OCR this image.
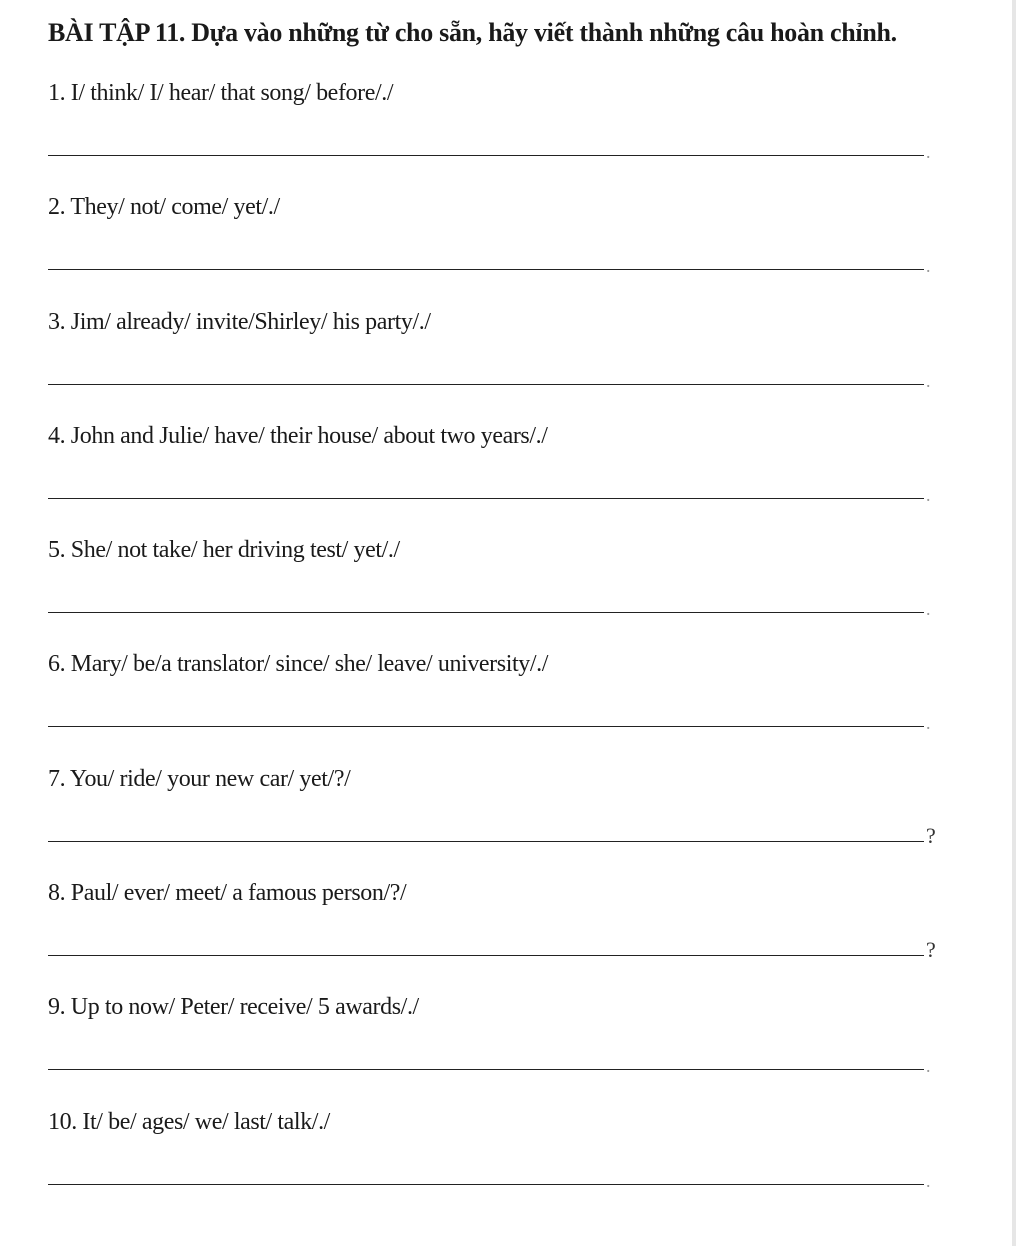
BÀI TẬP 11. Dựa vào những từ cho sẵn, hãy viết thành những câu hoàn chỉnh.
1. I/ think/ I/ hear/ that song/ before/./
.
2. They/ not/ come/ yet/./
.
3. Jim/ already/ invite/Shirley/ his party/./
.
4. John and Julie/ have/ their house/ about two years/./
.
5. She/ not take/ her driving test/ yet/./
.
6. Mary/ be/a translator/ since/ she/ leave/ university/./
.
7. You/ ride/ your new car/ yet/?/
?
8. Paul/ ever/ meet/ a famous person/?/
?
9. Up to now/ Peter/ receive/ 5 awards/./
.
10. It/ be/ ages/ we/ last/ talk/./
.
